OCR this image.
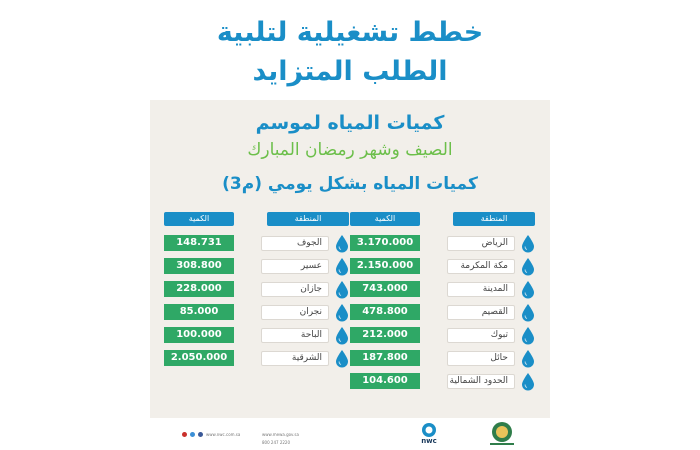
خطط تشغيلية لتلبية
الطلب المتزايد
كميات المياه لموسم
الصيف وشهر رمضان المبارك
كميات المياه بشكل يومي (م3)
المنطقة
الكمية
3.170.000	الرياض
2.150.000	مكة المكرمة
743.000	المدينة
478.800	القصيم
212.000	تبوك
187.800	حائل
104.600	الحدود الشمالية
المنطقة
الكمية
148.731	الجوف
308.800	عسير
228.000	جازان
85.000	نجران
100.000	الباحة
2.050.000	الشرقية
www.nwc.com.sa	www.mewa.gov.sa
800 247 2220	nwc
